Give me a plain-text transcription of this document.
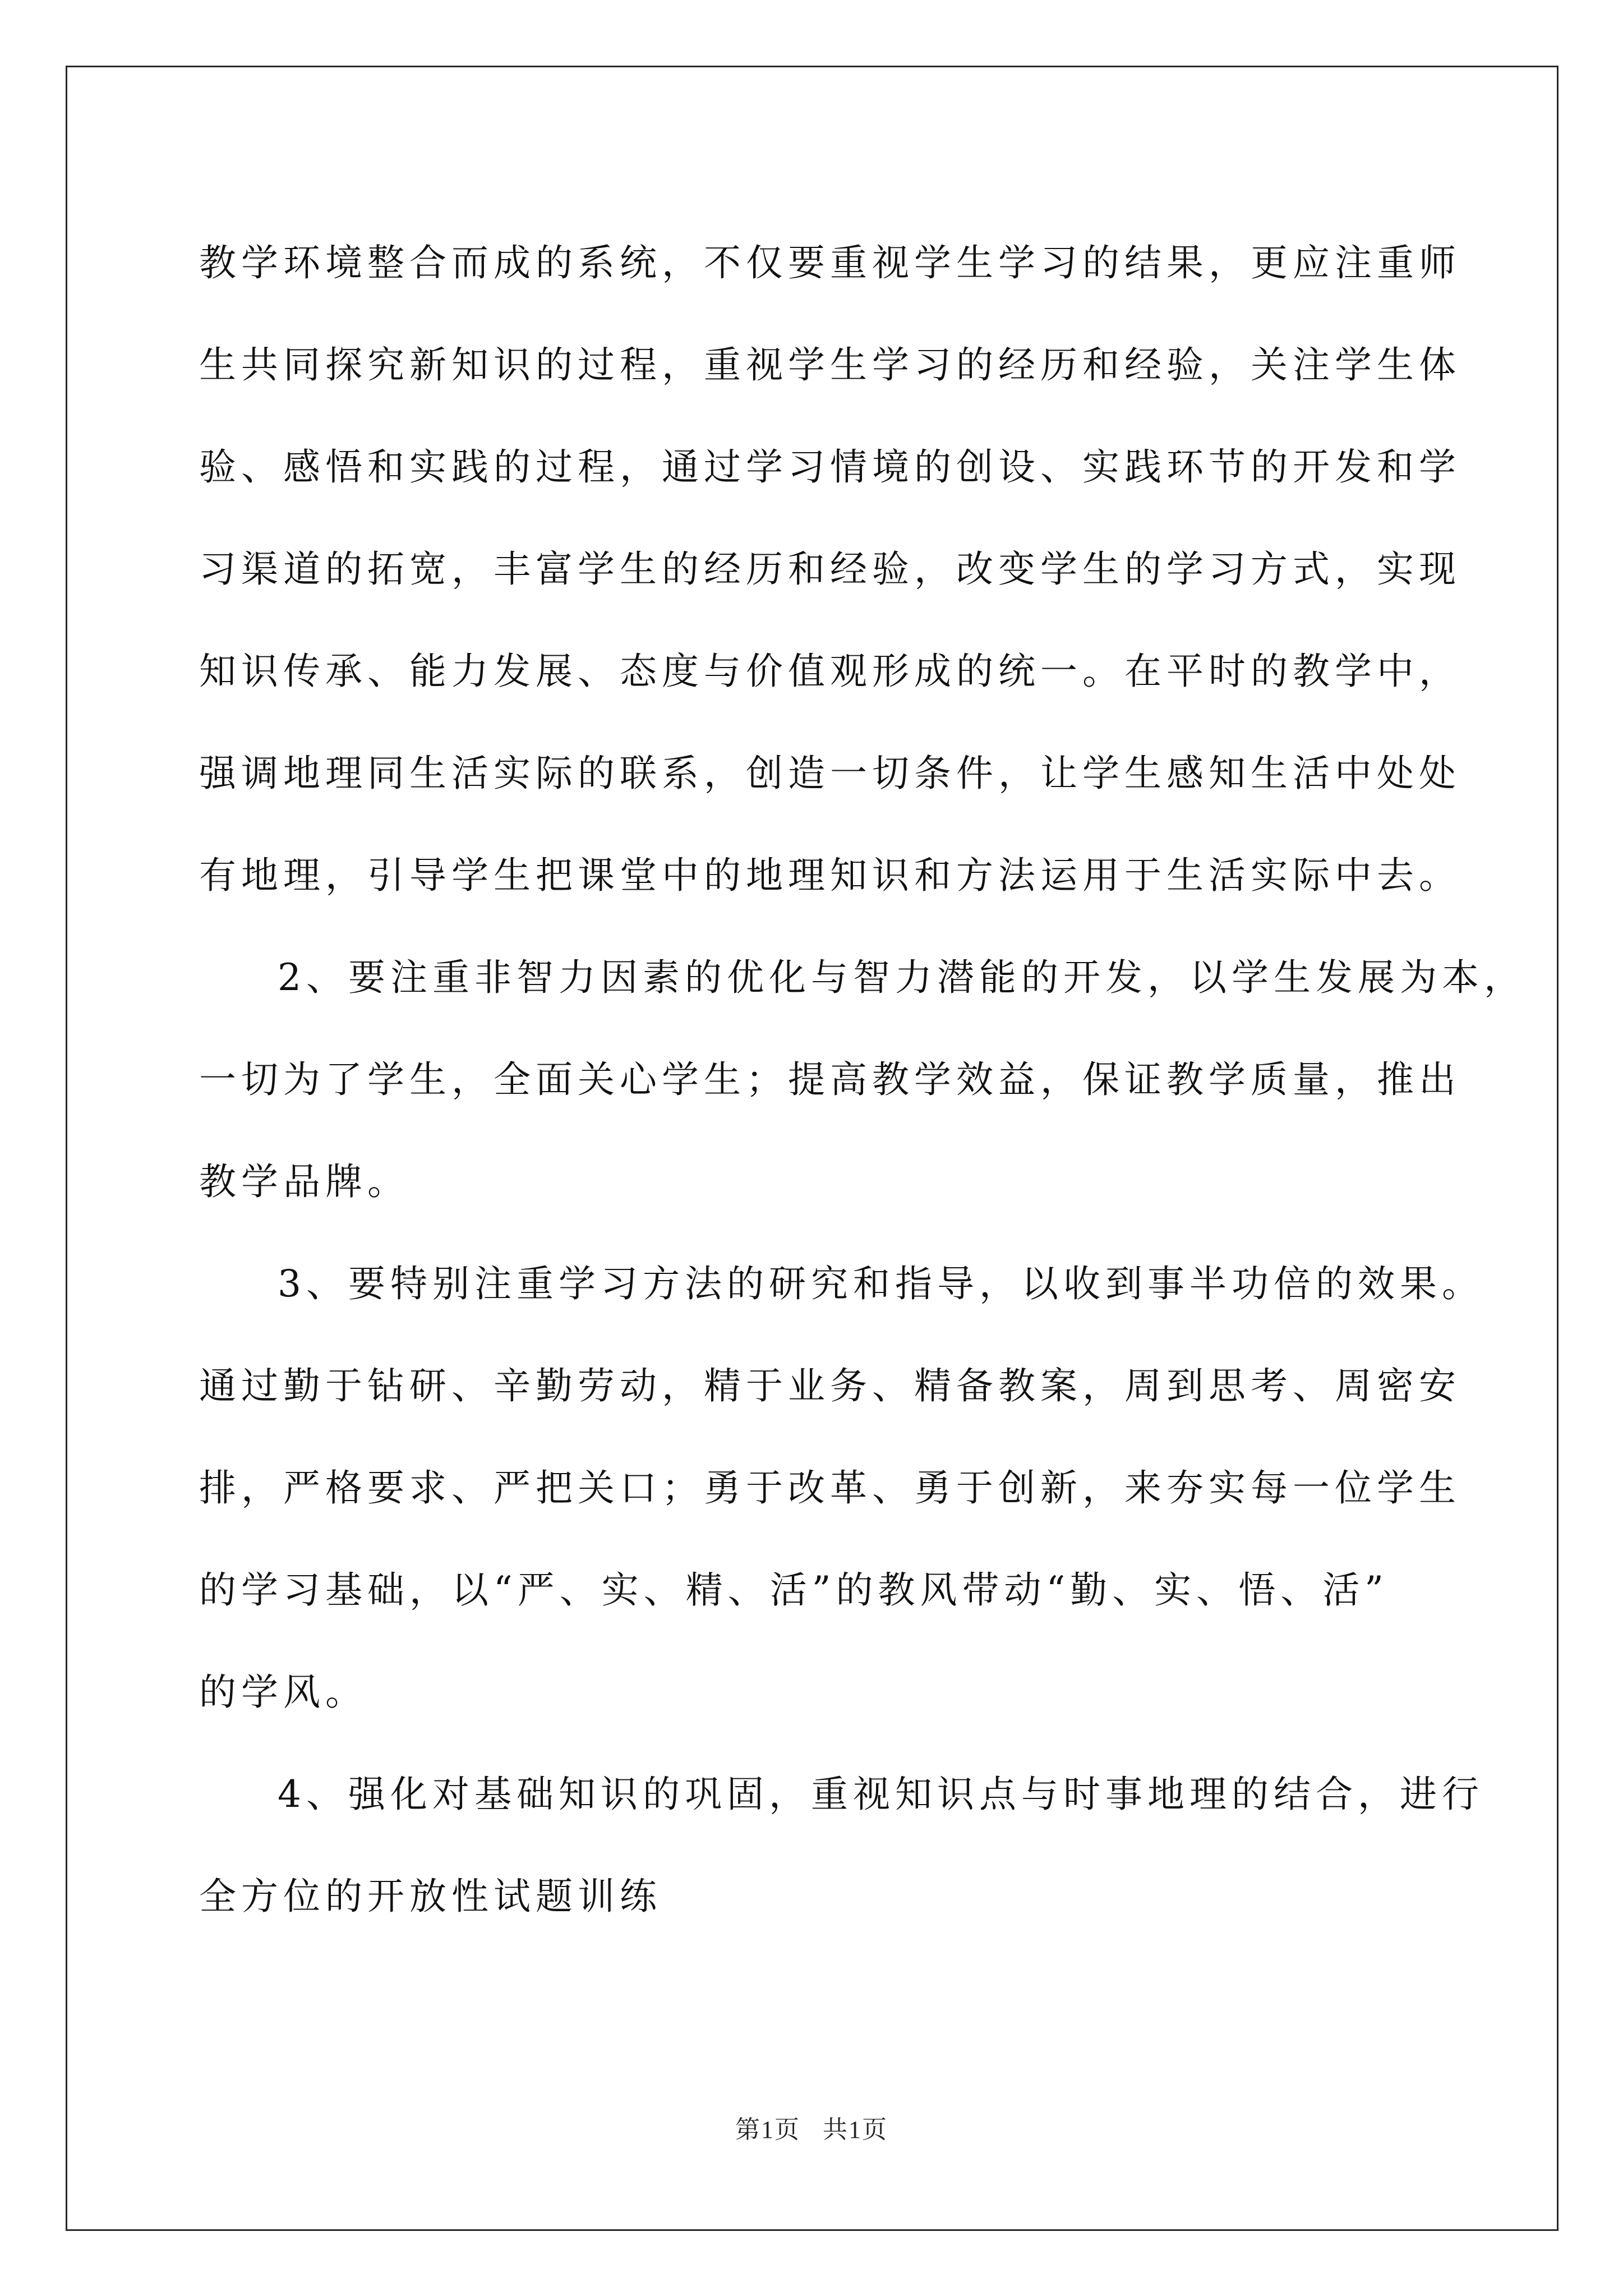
教学环境整合而成的系统，不仅要重视学生学习的结果，更应注重师

生共同探究新知识的过程，重视学生学习的经历和经验，关注学生体

验、感悟和实践的过程，通过学习情境的创设、实践环节的开发和学

习渠道的拓宽，丰富学生的经历和经验，改变学生的学习方式，实现

知识传承、能力发展、态度与价值观形成的统一。在平时的教学中，

强调地理同生活实际的联系，创造一切条件，让学生感知生活中处处

有地理，引导学生把课堂中的地理知识和方法运用于生活实际中去。

2、要注重非智力因素的优化与智力潜能的开发，以学生发展为本，

一切为了学生，全面关心学生；提高教学效益，保证教学质量，推出

教学品牌。

3、要特别注重学习方法的研究和指导，以收到事半功倍的效果。

通过勤于钻研、辛勤劳动，精于业务、精备教案，周到思考、周密安

排，严格要求、严把关口；勇于改革、勇于创新，来夯实每一位学生

的学习基础，以“严、实、精、活”的教风带动“勤、实、悟、活”

的学风。

4、强化对基础知识的巩固，重视知识点与时事地理的结合，进行

全方位的开放性试题训练

第1页 共1页
